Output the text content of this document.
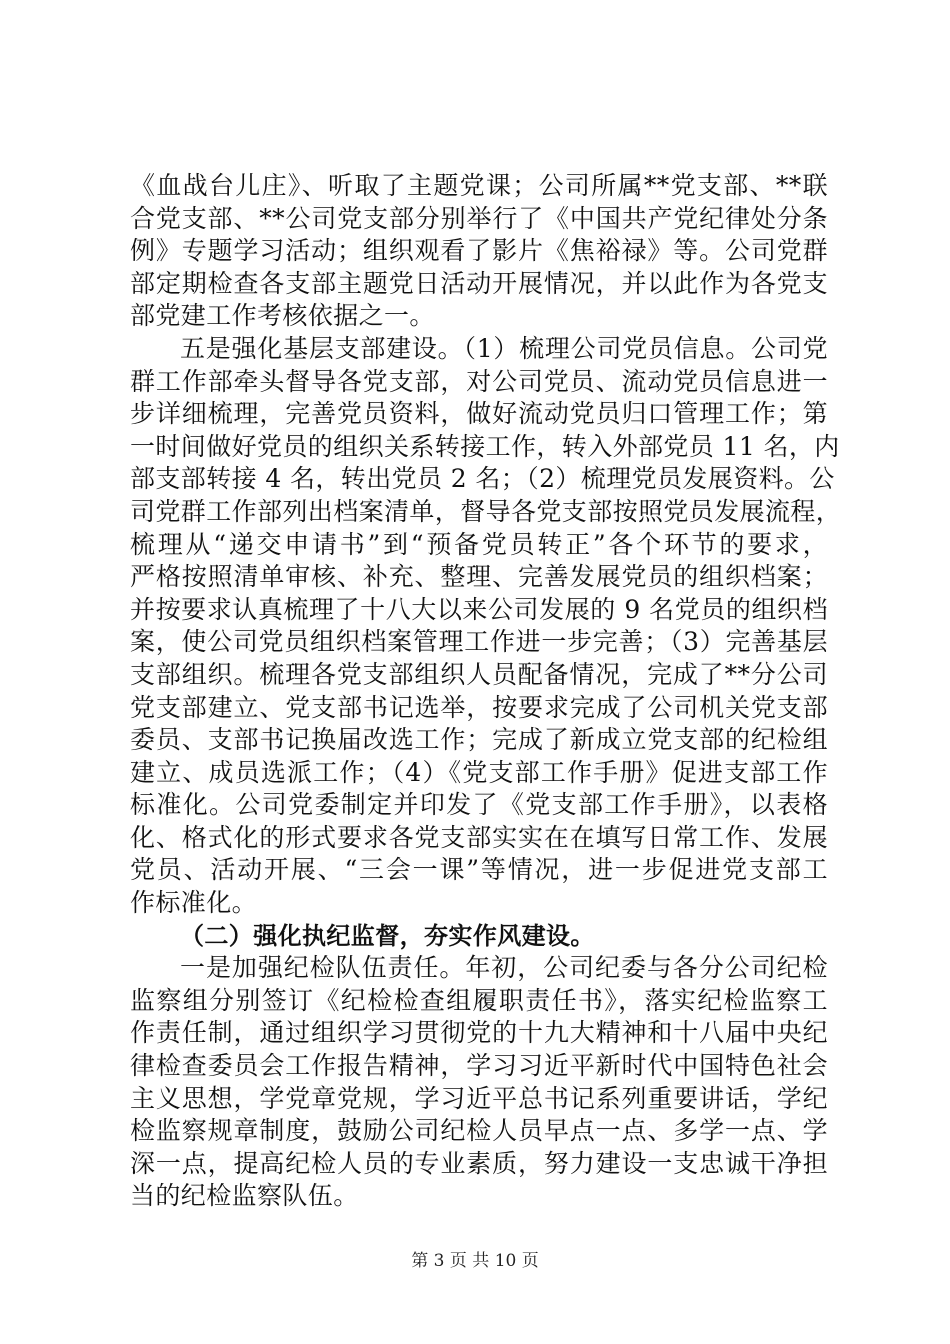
《血战台儿庄》、听取了主题党课；公司所属**党支部、**联
合党支部、**公司党支部分别举行了《中国共产党纪律处分条
例》专题学习活动；组织观看了影片《焦裕禄》等。公司党群
部定期检查各支部主题党日活动开展情况，并以此作为各党支
部党建工作考核依据之一。
五是强化基层支部建设。（1）梳理公司党员信息。公司党
群工作部牵头督导各党支部，对公司党员、流动党员信息进一
步详细梳理，完善党员资料，做好流动党员归口管理工作；第
一时间做好党员的组织关系转接工作，转入外部党员 11 名，内
部支部转接 4 名，转出党员 2 名；（2）梳理党员发展资料。公
司党群工作部列出档案清单，督导各党支部按照党员发展流程，
梳理从“递交申请书”到“预备党员转正”各个环节的要求，
严格按照清单审核、补充、整理、完善发展党员的组织档案；
并按要求认真梳理了十八大以来公司发展的 9 名党员的组织档
案，使公司党员组织档案管理工作进一步完善；（3）完善基层
支部组织。梳理各党支部组织人员配备情况，完成了**分公司
党支部建立、党支部书记选举，按要求完成了公司机关党支部
委员、支部书记换届改选工作；完成了新成立党支部的纪检组
建立、成员选派工作；（4）《党支部工作手册》促进支部工作
标准化。公司党委制定并印发了《党支部工作手册》，以表格
化、格式化的形式要求各党支部实实在在填写日常工作、发展
党员、活动开展、“三会一课”等情况，进一步促进党支部工
作标准化。
（二）强化执纪监督，夯实作风建设。
一是加强纪检队伍责任。年初，公司纪委与各分公司纪检
监察组分别签订《纪检检查组履职责任书》，落实纪检监察工
作责任制，通过组织学习贯彻党的十九大精神和十八届中央纪
律检查委员会工作报告精神，学习习近平新时代中国特色社会
主义思想，学党章党规，学习近平总书记系列重要讲话，学纪
检监察规章制度，鼓励公司纪检人员早点一点、多学一点、学
深一点，提高纪检人员的专业素质，努力建设一支忠诚干净担
当的纪检监察队伍。
第 3 页 共 10 页
